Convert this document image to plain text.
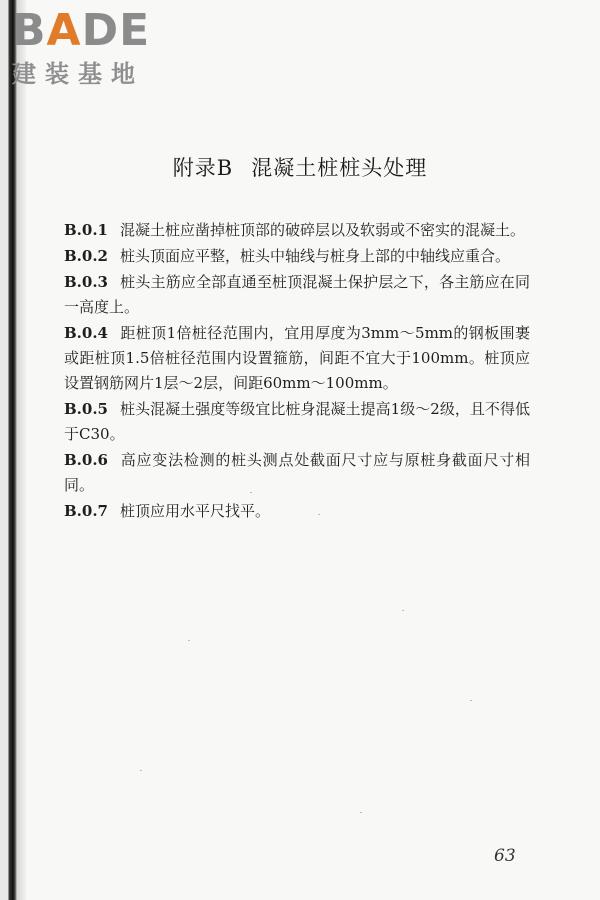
B A D E
建装基地
附录B 混凝土桩桩头处理

B.0.1 混凝土桩应凿掉桩顶部的破碎层以及软弱或不密实的混凝土。

B.0.2 桩头顶面应平整，桩头中轴线与桩身上部的中轴线应重合。

B.0.3 桩头主筋应全部直通至桩顶混凝土保护层之下，各主筋应在同一高度上。

B.0.4 距桩顶1倍桩径范围内，宜用厚度为3mm～5mm的钢板围裹或距桩顶1.5倍桩径范围内设置箍筋，间距不宜大于100mm。桩顶应设置钢筋网片1层～2层，间距60mm～100mm。

B.0.5 桩头混凝土强度等级宜比桩身混凝土提高1级～2级，且不得低于C30。

B.0.6 高应变法检测的桩头测点处截面尺寸应与原桩身截面尺寸相同。

B.0.7 桩顶应用水平尺找平。

63
